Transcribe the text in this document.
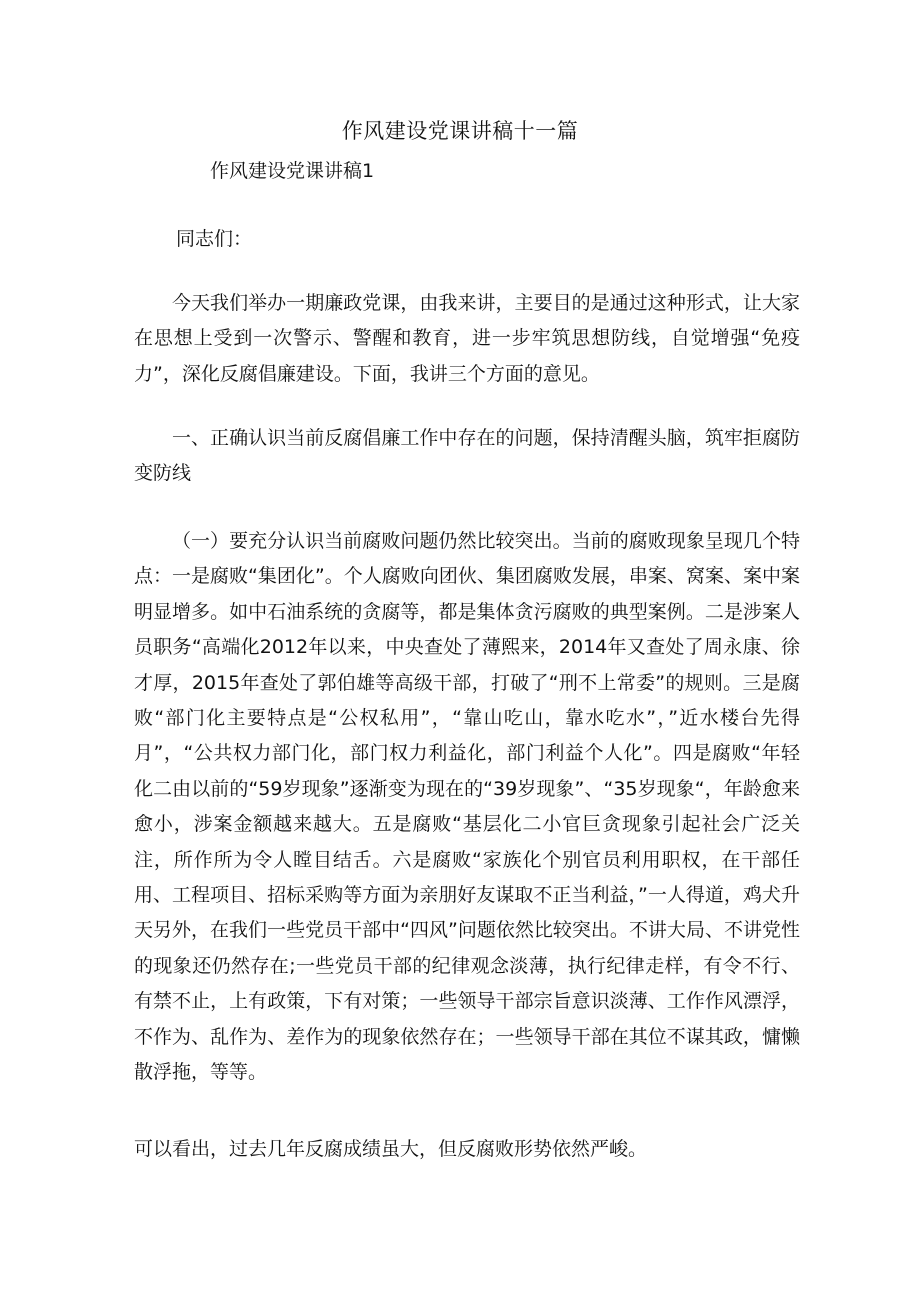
作风建设党课讲稿十一篇
作风建设党课讲稿1
同志们：

今天我们举办一期廉政党课，由我来讲，主要目的是通过这种形式，让大家在思想上受到一次警示、警醒和教育，进一步牢筑思想防线，自觉增强“免疫力”，深化反腐倡廉建设。下面，我讲三个方面的意见。

一、正确认识当前反腐倡廉工作中存在的问题，保持清醒头脑，筑牢拒腐防变防线

（一）要充分认识当前腐败问题仍然比较突出。当前的腐败现象呈现几个特点：一是腐败“集团化”。个人腐败向团伙、集团腐败发展，串案、窝案、案中案明显增多。如中石油系统的贪腐等，都是集体贪污腐败的典型案例。二是涉案人员职务“高端化2012年以来，中央查处了薄熙来，2014年又查处了周永康、徐才厚，2015年查处了郭伯雄等高级干部，打破了“刑不上常委”的规则。三是腐败“部门化主要特点是“公权私用”，“靠山吃山，靠水吃水”，”近水楼台先得月”，“公共权力部门化，部门权力利益化，部门利益个人化”。四是腐败“年轻化二由以前的“59岁现象”逐渐变为现在的“39岁现象”、“35岁现象“，年龄愈来愈小，涉案金额越来越大。五是腐败“基层化二小官巨贪现象引起社会广泛关注，所作所为令人瞠目结舌。六是腐败“家族化个别官员利用职权，在干部任用、工程项目、招标采购等方面为亲朋好友谋取不正当利益，”一人得道，鸡犬升天另外，在我们一些党员干部中“四风”问题依然比较突出。不讲大局、不讲党性的现象还仍然存在;一些党员干部的纪律观念淡薄，执行纪律走样，有令不行、有禁不止，上有政策，下有对策；一些领导干部宗旨意识淡薄、工作作风漂浮，不作为、乱作为、差作为的现象依然存在；一些领导干部在其位不谋其政，慵懒散浮拖，等等。

可以看出，过去几年反腐成绩虽大，但反腐败形势依然严峻。
